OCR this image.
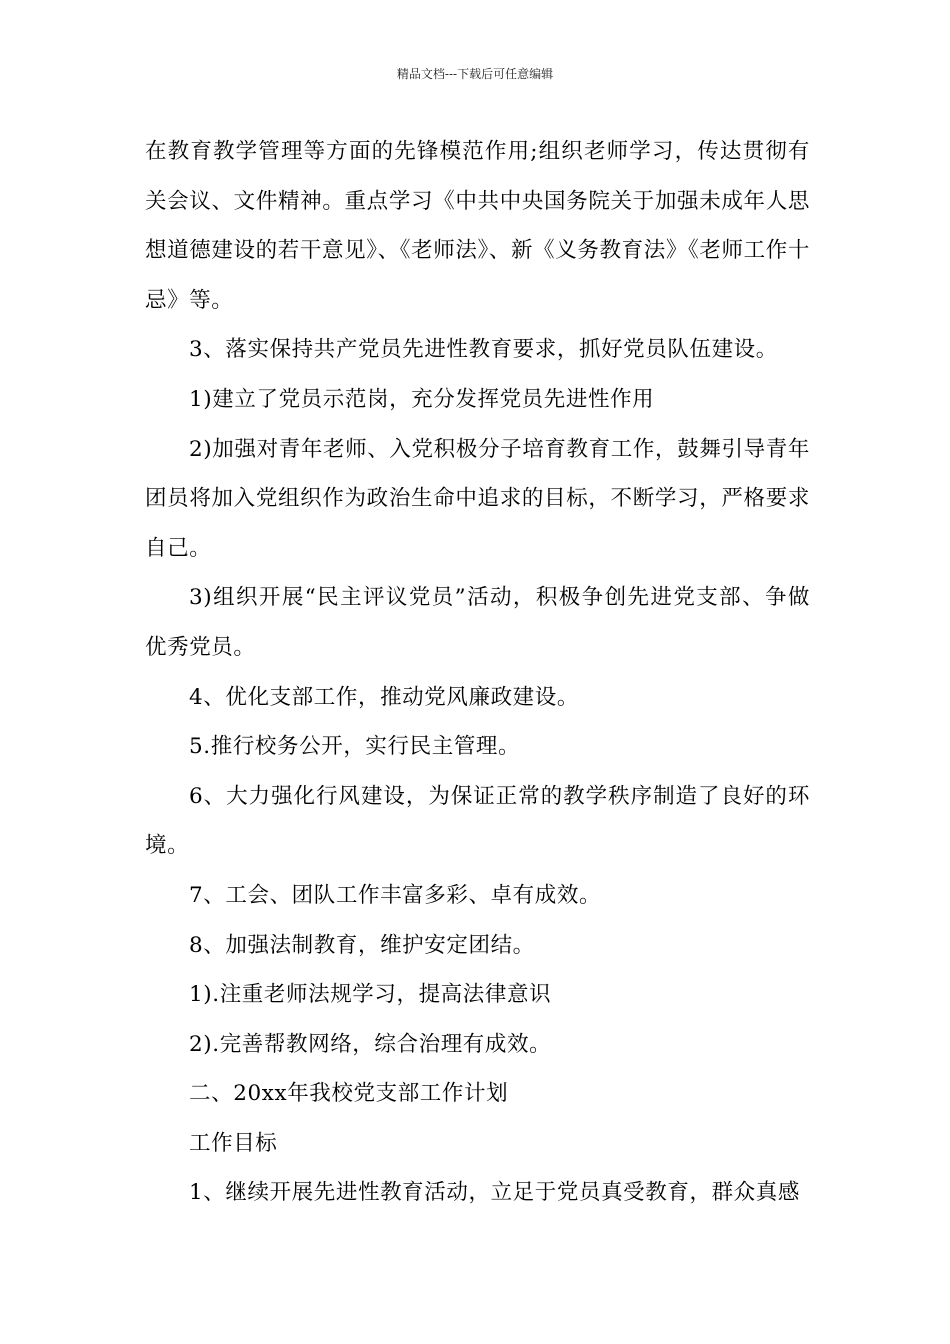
精品文档---下载后可任意编辑

在教育教学管理等方面的先锋模范作用;组织老师学习，传达贯彻有关会议、文件精神。重点学习《中共中央国务院关于加强未成年人思想道德建设的若干意见》、《老师法》、新《义务教育法》《老师工作十忌》等。

3、落实保持共产党员先进性教育要求，抓好党员队伍建设。

1)建立了党员示范岗，充分发挥党员先进性作用

2)加强对青年老师、入党积极分子培育教育工作，鼓舞引导青年团员将加入党组织作为政治生命中追求的目标，不断学习，严格要求自己。

3)组织开展“民主评议党员”活动，积极争创先进党支部、争做优秀党员。

4、优化支部工作，推动党风廉政建设。

5.推行校务公开，实行民主管理。

6、大力强化行风建设，为保证正常的教学秩序制造了良好的环境。

7、工会、团队工作丰富多彩、卓有成效。

8、加强法制教育，维护安定团结。

1).注重老师法规学习，提高法律意识

2).完善帮教网络，综合治理有成效。

二、20xx年我校党支部工作计划

工作目标

1、继续开展先进性教育活动，立足于党员真受教育，群众真感
